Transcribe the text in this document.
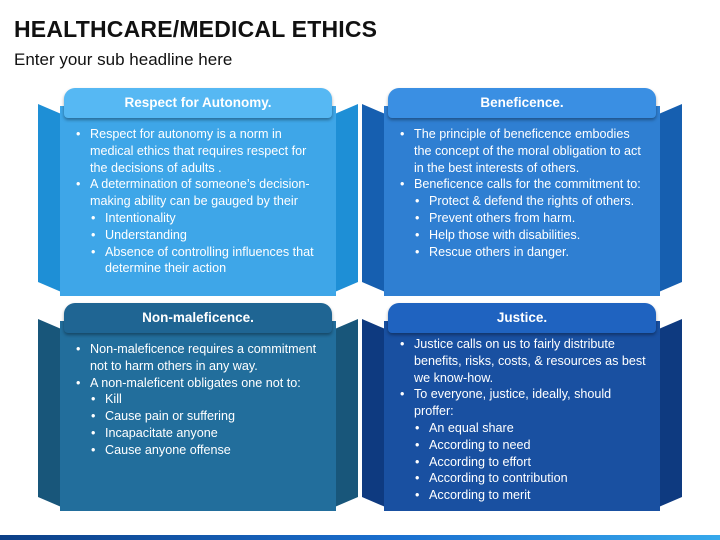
HEALTHCARE/MEDICAL ETHICS
Enter your sub headline here
• Respect for autonomy is a norm in medical ethics that requires respect for the decisions of adults .
• A determination of someone’s decision-making ability can be gauged by their
• Intentionality
• Understanding
• Absence of controlling influences that determine their action
Respect for Autonomy.
• The principle of beneficence embodies the concept of the moral obligation to act in the best interests of others.
• Beneficence calls for the commitment to:
• Protect & defend the rights of others.
• Prevent others from harm.
• Help those with disabilities.
• Rescue others in danger.
Beneficence.
• Non-maleficence requires a commitment not to harm others in any way.
• A non-maleficent obligates one not to:
• Kill
• Cause pain or suffering
• Incapacitate anyone
• Cause anyone offense
Non-maleficence.
• Justice calls on us to fairly distribute benefits, risks, costs, & resources as best we know-how.
• To everyone, justice, ideally, should proffer:
• An equal share
• According to need
• According to effort
• According to contribution
• According to merit
Justice.
